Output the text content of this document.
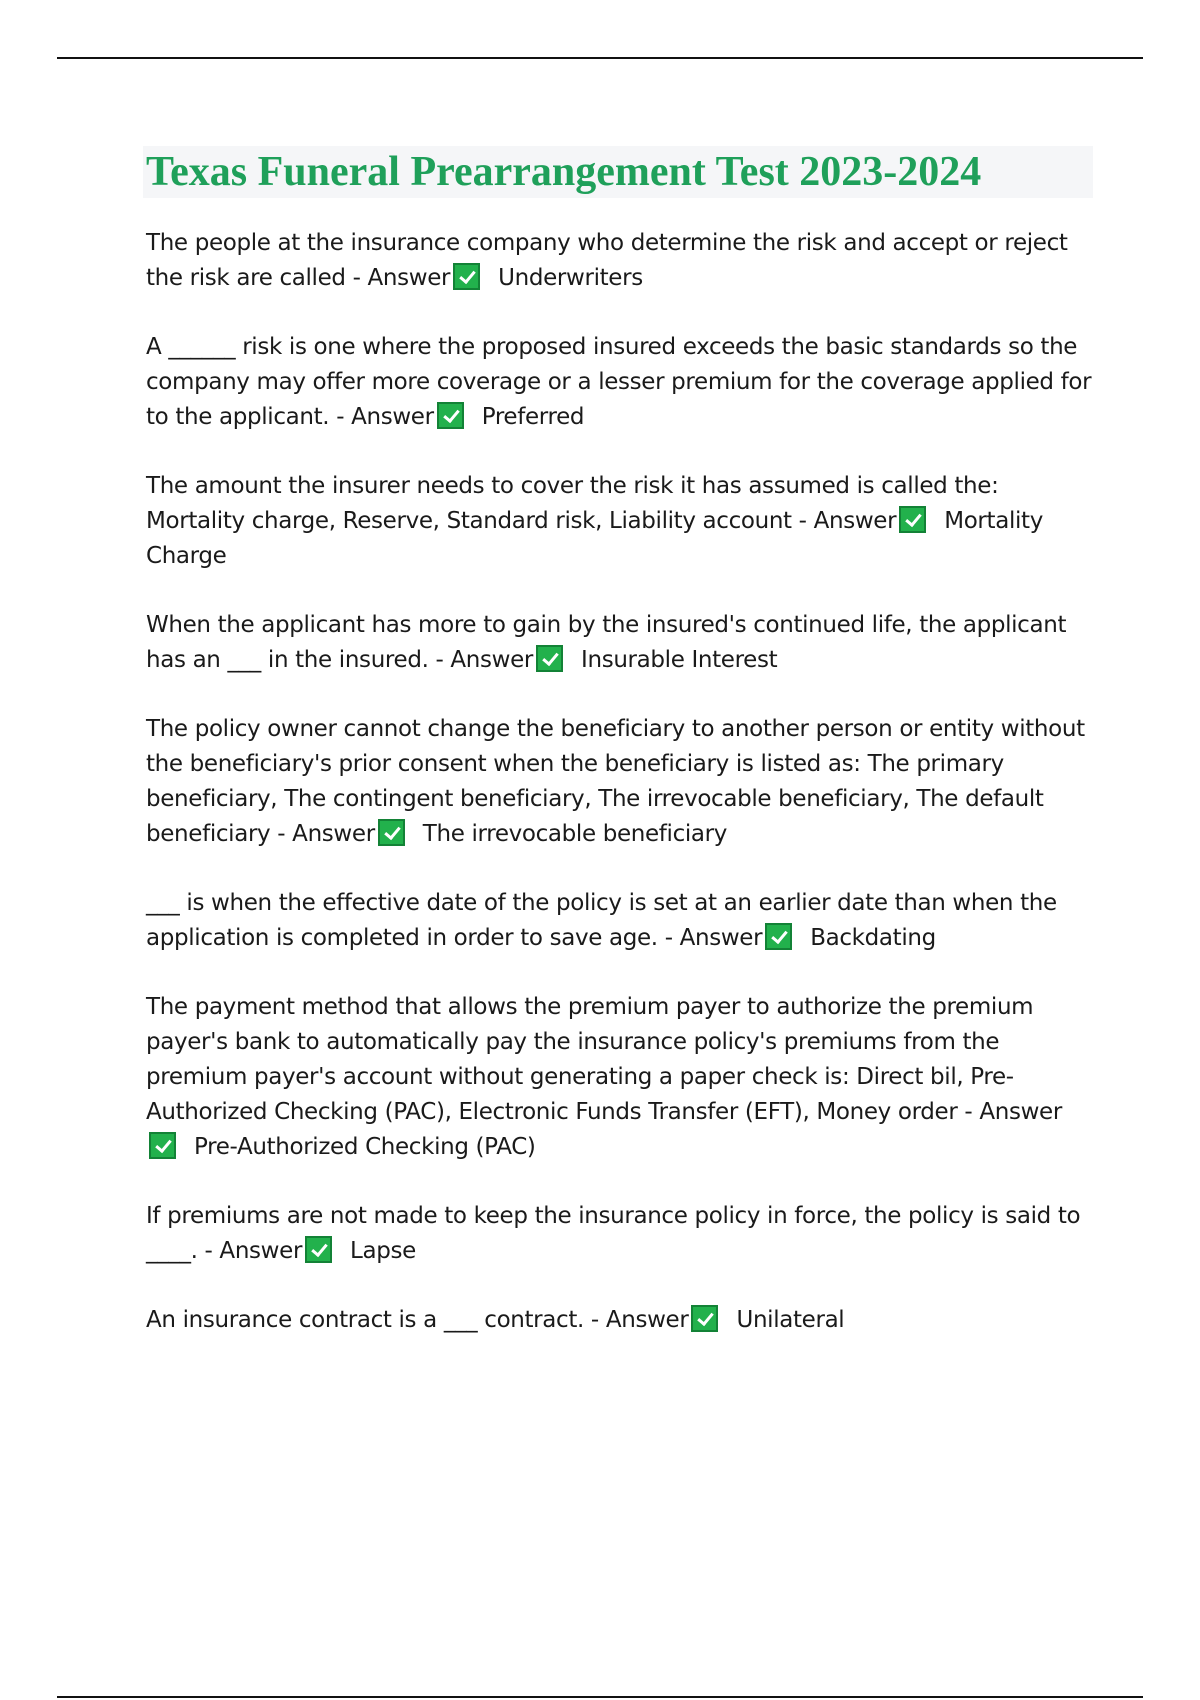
Texas Funeral Prearrangement Test 2023-2024

The people at the insurance company who determine the risk and accept or reject the risk are called - Answer Underwriters

A ______ risk is one where the proposed insured exceeds the basic standards so the company may offer more coverage or a lesser premium for the coverage applied for to the applicant. - Answer Preferred

The amount the insurer needs to cover the risk it has assumed is called the: Mortality charge, Reserve, Standard risk, Liability account - Answer Mortality Charge

When the applicant has more to gain by the insured's continued life, the applicant has an ___ in the insured. - Answer Insurable Interest

The policy owner cannot change the beneficiary to another person or entity without the beneficiary's prior consent when the beneficiary is listed as: The primary beneficiary, The contingent beneficiary, The irrevocable beneficiary, The default beneficiary - Answer The irrevocable beneficiary

___ is when the effective date of the policy is set at an earlier date than when the application is completed in order to save age. - Answer Backdating

The payment method that allows the premium payer to authorize the premium payer's bank to automatically pay the insurance policy's premiums from the premium payer's account without generating a paper check is: Direct bil, Pre-Authorized Checking (PAC), Electronic Funds Transfer (EFT), Money order - AnswerPre-Authorized Checking (PAC)

If premiums are not made to keep the insurance policy in force, the policy is said to ____. - Answer Lapse

An insurance contract is a ___ contract. - Answer Unilateral
